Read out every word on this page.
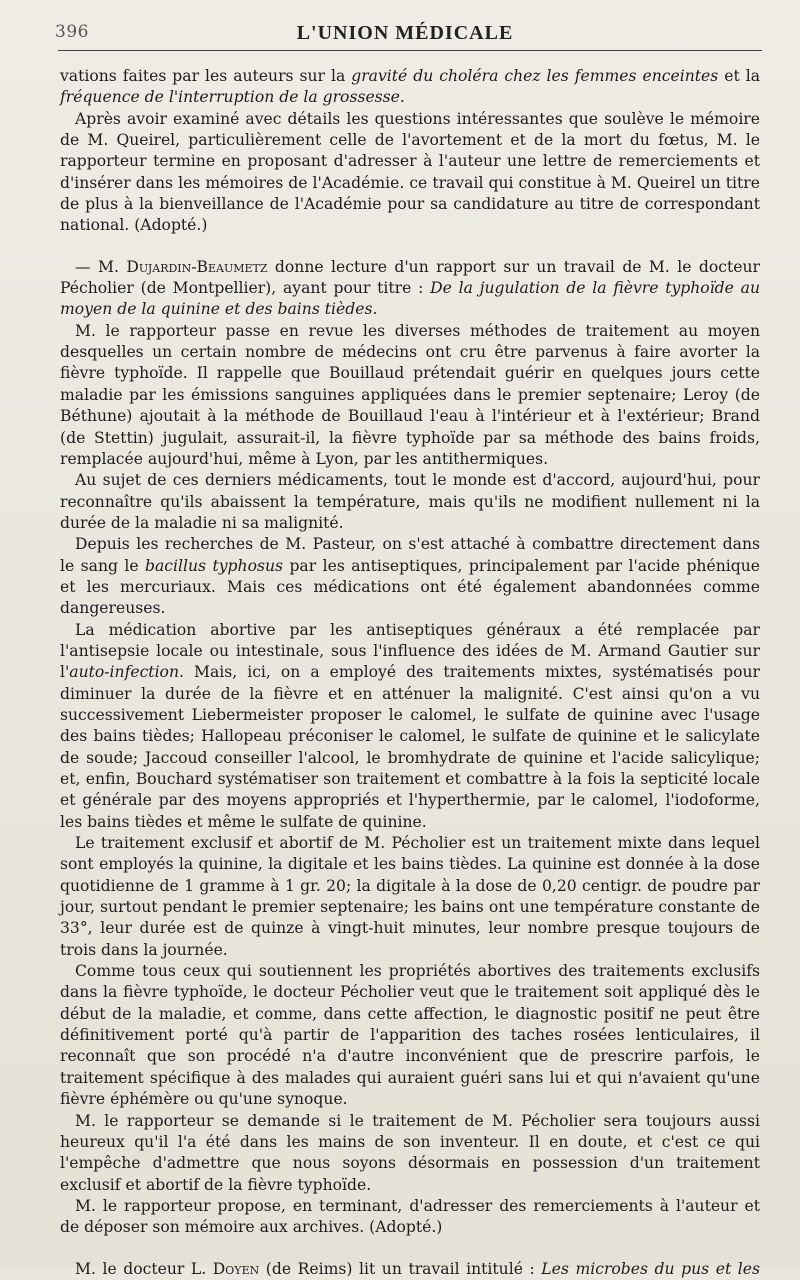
396	L'UNION MÉDICALE

vations faites par les auteurs sur la gravité du choléra chez les femmes enceintes et la fréquence de l'interruption de la grossesse.

Après avoir examiné avec détails les questions intéressantes que soulève le mémoire de M. Queirel, particulièrement celle de l'avortement et de la mort du fœtus, M. le rapporteur termine en proposant d'adresser à l'auteur une lettre de remerciements et d'insérer dans les mémoires de l'Académie. ce travail qui constitue à M. Queirel un titre de plus à la bienveillance de l'Académie pour sa candidature au titre de correspondant national. (Adopté.)

— M. Dujardin-Beaumetz donne lecture d'un rapport sur un travail de M. le docteur Pécholier (de Montpellier), ayant pour titre : De la jugulation de la fièvre typhoïde au moyen de la quinine et des bains tièdes.

M. le rapporteur passe en revue les diverses méthodes de traitement au moyen desquelles un certain nombre de médecins ont cru être parvenus à faire avorter la fièvre typhoïde. Il rappelle que Bouillaud prétendait guérir en quelques jours cette maladie par les émissions sanguines appliquées dans le premier septenaire; Leroy (de Béthune) ajoutait à la méthode de Bouillaud l'eau à l'intérieur et à l'extérieur; Brand (de Stettin) jugulait, assurait-il, la fièvre typhoïde par sa méthode des bains froids, remplacée aujourd'hui, même à Lyon, par les antithermiques.

Au sujet de ces derniers médicaments, tout le monde est d'accord, aujourd'hui, pour reconnaître qu'ils abaissent la température, mais qu'ils ne modifient nullement ni la durée de la maladie ni sa malignité.

Depuis les recherches de M. Pasteur, on s'est attaché à combattre directement dans le sang le bacillus typhosus par les antiseptiques, principalement par l'acide phénique et les mercuriaux. Mais ces médications ont été également abandonnées comme dangereuses.

La médication abortive par les antiseptiques généraux a été remplacée par l'antisepsie locale ou intestinale, sous l'influence des idées de M. Armand Gautier sur l'auto-infection. Mais, ici, on a employé des traitements mixtes, systématisés pour diminuer la durée de la fièvre et en atténuer la malignité. C'est ainsi qu'on a vu successivement Liebermeister proposer le calomel, le sulfate de quinine avec l'usage des bains tièdes; Hallopeau préconiser le calomel, le sulfate de quinine et le salicylate de soude; Jaccoud conseiller l'alcool, le bromhydrate de quinine et l'acide salicylique; et, enfin, Bouchard systématiser son traitement et combattre à la fois la septicité locale et générale par des moyens appropriés et l'hyperthermie, par le calomel, l'iodoforme, les bains tièdes et même le sulfate de quinine.

Le traitement exclusif et abortif de M. Pécholier est un traitement mixte dans lequel sont employés la quinine, la digitale et les bains tièdes. La quinine est donnée à la dose quotidienne de 1 gramme à 1 gr. 20; la digitale à la dose de 0,20 centigr. de poudre par jour, surtout pendant le premier septenaire; les bains ont une température constante de 33°, leur durée est de quinze à vingt-huit minutes, leur nombre presque toujours de trois dans la journée.

Comme tous ceux qui soutiennent les propriétés abortives des traitements exclusifs dans la fièvre typhoïde, le docteur Pécholier veut que le traitement soit appliqué dès le début de la maladie, et comme, dans cette affection, le diagnostic positif ne peut être définitivement porté qu'à partir de l'apparition des taches rosées lenticulaires, il reconnaît que son procédé n'a d'autre inconvénient que de prescrire parfois, le traitement spécifique à des malades qui auraient guéri sans lui et qui n'avaient qu'une fièvre éphémère ou qu'une synoque.

M. le rapporteur se demande si le traitement de M. Pécholier sera toujours aussi heureux qu'il l'a été dans les mains de son inventeur. Il en doute, et c'est ce qui l'empêche d'admettre que nous soyons désormais en possession d'un traitement exclusif et abortif de la fièvre typhoïde.

M. le rapporteur propose, en terminant, d'adresser des remerciements à l'auteur et de déposer son mémoire aux archives. (Adopté.)

M. le docteur L. Doyen (de Reims) lit un travail intitulé : Les microbes du pus et les
